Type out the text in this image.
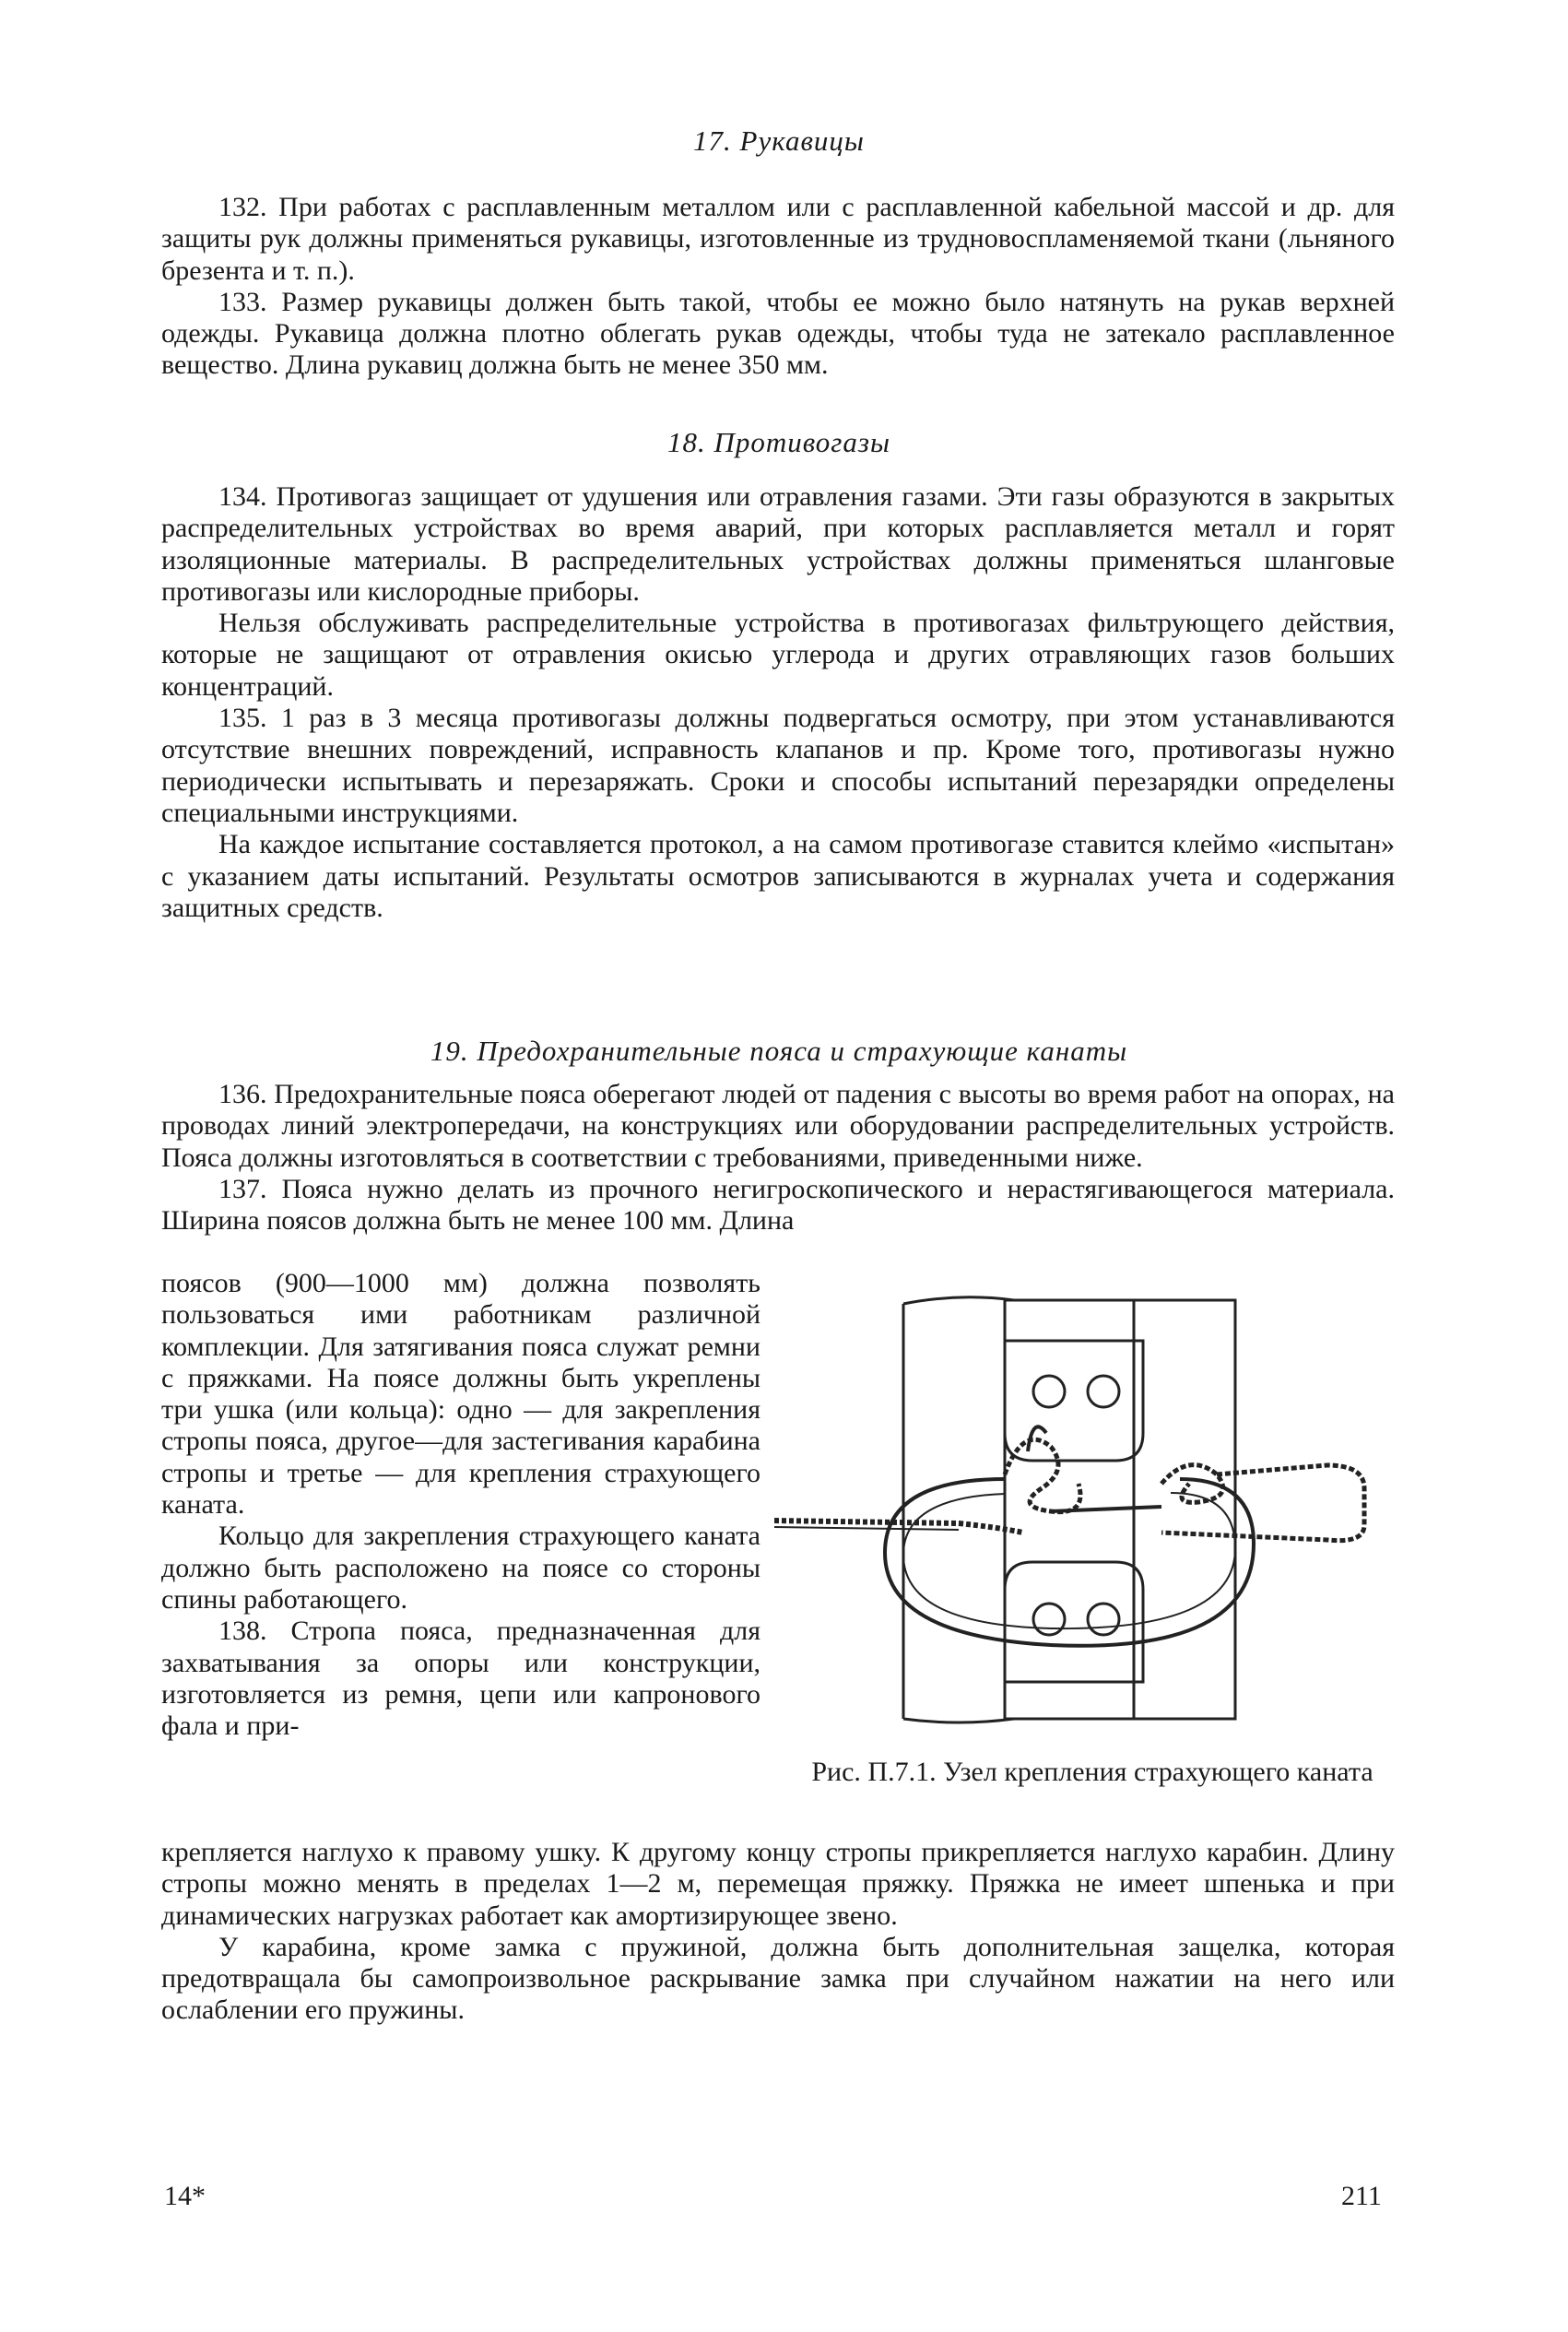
17. Рукавицы

132. При работах с расплавленным металлом или с расплавленной кабельной массой и др. для защиты рук должны применяться рукавицы, изготовленные из трудновоспламеняемой ткани (льняного брезента и т. п.).

133. Размер рукавицы должен быть такой, чтобы ее можно было натянуть на рукав верхней одежды. Рукавица должна плотно облегать рукав одежды, чтобы туда не затекало расплавленное вещество. Длина рукавиц должна быть не менее 350 мм.

18. Противогазы

134. Противогаз защищает от удушения или отравления газами. Эти газы образуются в закрытых распределительных устройствах во время аварий, при которых расплавляется металл и горят изоляционные материалы. В распределительных устройствах должны применяться шланговые противогазы или кислородные приборы.

Нельзя обслуживать распределительные устройства в противогазах фильтрующего действия, которые не защищают от отравления окисью углерода и других отравляющих газов больших концентраций.

135. 1 раз в 3 месяца противогазы должны подвергаться осмотру, при этом устанавливаются отсутствие внешних повреждений, исправность клапанов и пр. Кроме того, противогазы нужно периодически испытывать и перезаряжать. Сроки и способы испытаний перезарядки определены специальными инструкциями.

На каждое испытание составляется протокол, а на самом противогазе ставится клеймо «испытан» с указанием даты испытаний. Результаты осмотров записываются в журналах учета и содержания защитных средств.

19. Предохранительные пояса и страхующие канаты

136. Предохранительные пояса оберегают людей от падения с высоты во время работ на опорах, на проводах линий электропередачи, на конструкциях или оборудовании распределительных устройств. Пояса должны изготовляться в соответствии с требованиями, приведенными ниже.

137. Пояса нужно делать из прочного негигроскопического и нерастягивающегося материала. Ширина поясов должна быть не менее 100 мм. Длина

поясов (900—1000 мм) должна позволять пользоваться ими работникам различной комплекции. Для затягивания пояса служат ремни с пряжками. На поясе должны быть укреплены три ушка (или кольца): одно — для закрепления стропы пояса, другое—для застегивания карабина стропы и третье — для крепления страхующего каната.

Кольцо для закрепления страхующего каната должно быть расположено на поясе со стороны спины работающего.

138. Стропа пояса, предназначенная для захватывания за опоры или конструкции, изготовляется из ремня, цепи или капронового фала и при-

Рис. П.7.1. Узел крепления страхующего каната

крепляется наглухо к правому ушку. К другому концу стропы прикрепляется наглухо карабин. Длину стропы можно менять в пределах 1—2 м, перемещая пряжку. Пряжка не имеет шпенька и при динамических нагрузках работает как амортизирующее звено.

У карабина, кроме замка с пружиной, должна быть дополнительная защелка, которая предотвращала бы самопроизвольное раскрывание замка при случайном нажатии на него или ослаблении его пружины.

14*	211
